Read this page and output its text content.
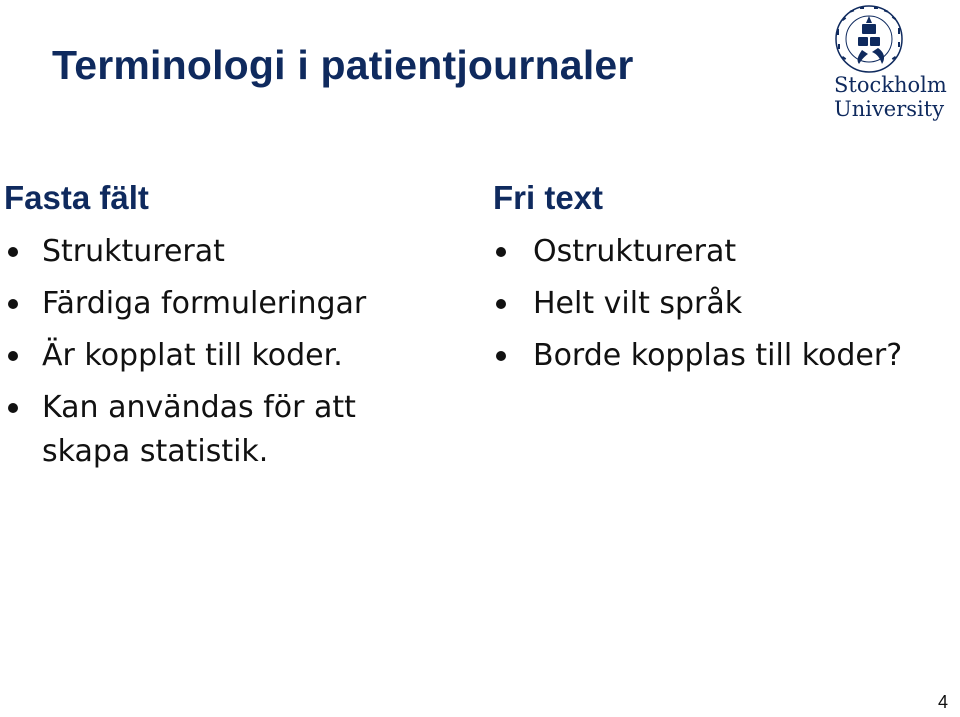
Terminologi i patientjournaler	Stockholm
University
Fasta fält
Strukturerat
Färdiga formuleringar
Är kopplat till koder.
Kan användas för att skapa statistik.
Fri text
Ostrukturerat
Helt vilt språk
Borde kopplas till koder?
4
